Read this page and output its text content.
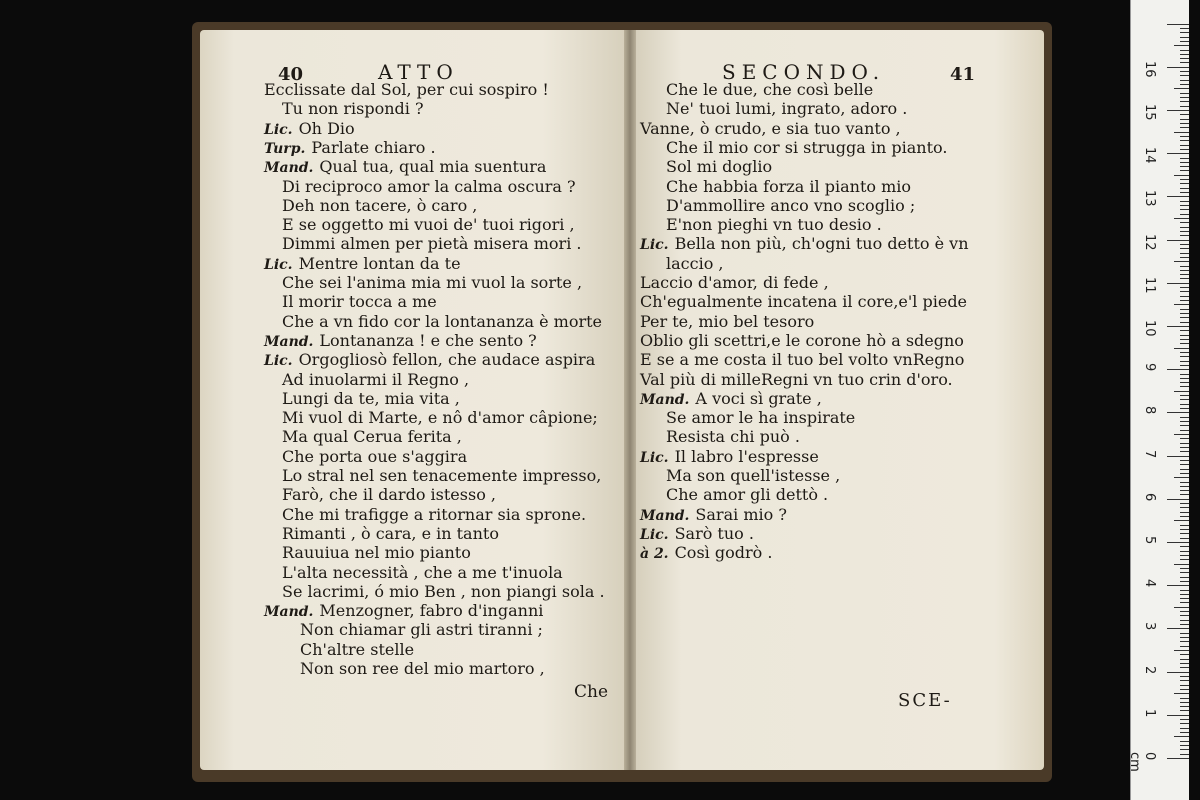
40	ATTO
Ecclissate dal Sol, per cui sospiro !
Tu non rispondi ?
Lic. Oh Dio
Turp. Parlate chiaro .
Mand. Qual tua, qual mia suentura
Di reciproco amor la calma oscura ?
Deh non tacere, ò caro ,
E se oggetto mi vuoi de' tuoi rigori ,
Dimmi almen per pietà misera mori .
Lic. Mentre lontan da te
Che sei l'anima mia mi vuol la sorte ,
Il morir tocca a me
Che a vn fido cor la lontananza è morte
Mand. Lontananza ! e che sento ?
Lic. Orgogliosò fellon, che audace aspira
Ad inuolarmi il Regno ,
Lungi da te, mia vita ,
Mi vuol di Marte, e nô d'amor câpione;
Ma qual Cerua ferita ,
Che porta oue s'aggira
Lo stral nel sen tenacemente impresso,
Farò, che il dardo istesso ,
Che mi trafigge a ritornar sia sprone.
Rimanti , ò cara, e in tanto
Rauuiua nel mio pianto
L'alta necessità , che a me t'inuola
Se lacrimi, ó mio Ben , non piangi sola .
Mand. Menzogner, fabro d'inganni
Non chiamar gli astri tiranni ;
Ch'altre stelle
Non son ree del mio martoro ,
Che
SECONDO.	41
Che le due, che così belle
Ne' tuoi lumi, ingrato, adoro .
Vanne, ò crudo, e sia tuo vanto ,
Che il mio cor si strugga in pianto.
Sol mi doglio
Che habbia forza il pianto mio
D'ammollire anco vno scoglio ;
E'non pieghi vn tuo desio .
Lic. Bella non più, ch'ogni tuo detto è vn
laccio ,
Laccio d'amor, di fede ,
Ch'egualmente incatena il core,e'l piede
Per te, mio bel tesoro
Oblio gli scettri,e le corone hò a sdegno
E se a me costa il tuo bel volto vnRegno
Val più di milleRegni vn tuo crin d'oro.
Mand. A voci sì grate ,
Se amor le ha inspirate
Resista chi può .
Lic. Il labro l'espresse
Ma son quell'istesse ,
Che amor gli dettò .
Mand. Sarai mio ?
Lic. Sarò tuo .
à 2. Così godrò .
SCE-
0 cm
1
2
3
4
5
6
7
8
9
10
11
12
13
14
15
16
